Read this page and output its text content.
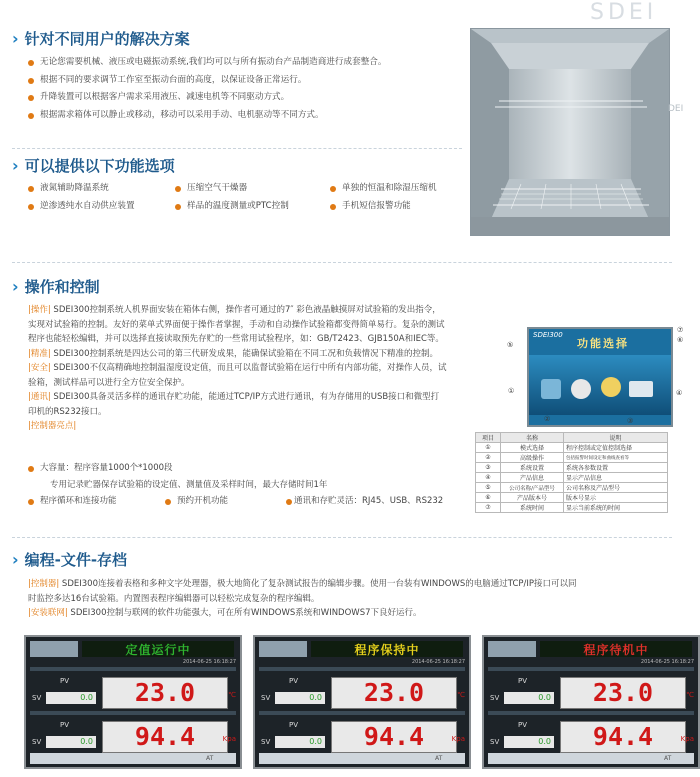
SDEI
› 针对不同用户的解决方案
无论您需要机械、液压或电磁振动系统,我们均可以与所有振动台产品制造商进行成套整合。
根据不同的要求调节工作室至振动台面的高度，以保证设备正常运行。
升降装置可以根据客户需求采用液压、减速电机等不同驱动方式。
根据需求箱体可以静止或移动，移动可以采用手动、电机驱动等不同方式。
DEI
› 可以提供以下功能选项
液氮辅助降温系统	压缩空气干燥器	单独的恒温和除湿压缩机
逆渗透纯水自动供应装置	样品的温度测量或PTC控制	手机短信报警功能
› 操作和控制
|操作| SDEI300控制系统人机界面安装在箱体右侧，操作者可通过的7″ 彩色液晶触摸屏对试验箱的发出指令，
实现对试验箱的控制。友好的菜单式界面便于操作者掌握，手动和自动操作试验箱都变得简单易行。复杂的测试
程序也能轻松编辑，并可以选择直接读取预先存贮的一些常用试验程序，如：GB/T2423、GJB150A和IEC等。
|精准| SDEI300控制系统是四达公司的第三代研发成果，能确保试验箱在不同工况和负载情况下精准的控制。
|安全| SDEI300不仅高精确地控制温湿度设定值，而且可以监督试验箱在运行中所有内部功能，对操作人员，试
验箱，测试样品可以进行全方位安全保护。
|通讯| SDEI300具备灵活多样的通讯存贮功能，能通过TCP/IP方式进行通讯，有为存储用的USB接口和微型打
印机的RS232接口。
|控制器亮点|
大容量：程序容量1000个*1000段
专用记录贮器保存试验箱的设定值、测量值及采样时间，最大存储时间1年
程序循环和连接功能	预约开机功能	通讯和存贮灵活：RJ45、USB、RS232
SDEI300
功能选择
⑦
⑥
⑤
①
②	③
④
项目	名称	说明
①	模式选择	程序控制或定值控制选择
②	高级操作	包括报警时间设定和曲线查看等
③	系统设置	系统各参数设置
④	产品信息	显示产品信息
⑤	公司名称/产品型号	公司名称及产品型号
⑥	产品版本号	版本号显示
⑦	系统时间	显示当前系统的时间
› 编程-文件-存档
|控制器| SDEI300连接着表格和多种文字处理器，极大地简化了复杂测试报告的编辑步骤。使用一台装有WINDOWS的电脑通过TCP/IP接口可以同
时监控多达16台试验箱。内置图表程序编辑器可以轻松完成复杂的程序编辑。
|安装联网| SDEI300控制与联网的软件功能强大，可在所有WINDOWS系统和WINDOWS7下良好运行。
定值运行中
2014-06-25 16:18:27
PV
SV	0.0	23.0	℃
PV
SV	0.0	94.4	Kpa
AT
程序保持中
2014-06-25 16:18:27
PV
SV	0.0	23.0	℃
PV
SV	0.0	94.4	Kpa
AT
程序待机中
2014-06-25 16:18:27
PV
SV	0.0	23.0	℃
PV
SV	0.0	94.4	Kpa
AT
